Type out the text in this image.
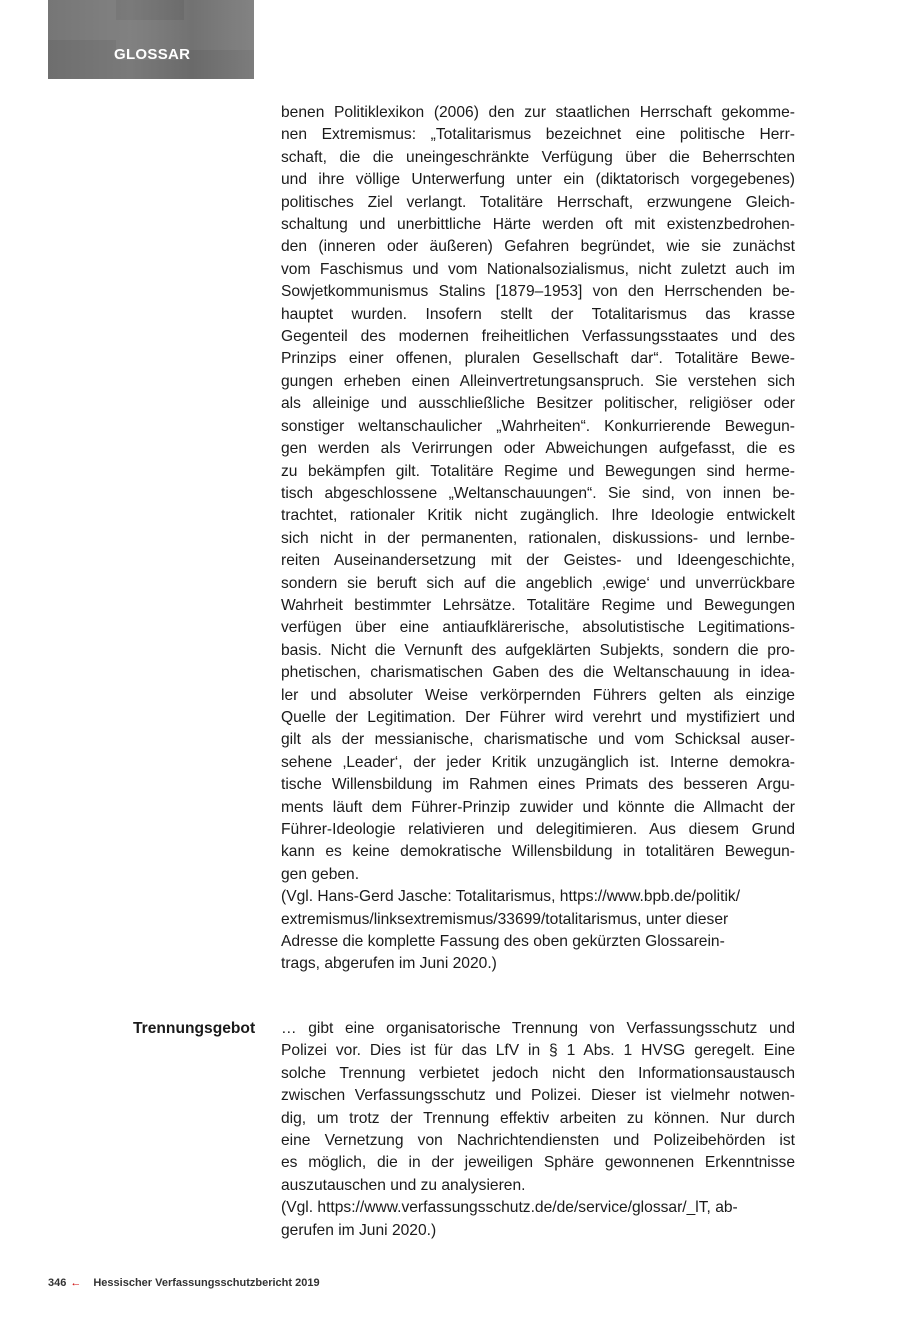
GLOSSAR
benen Politiklexikon (2006) den zur staatlichen Herrschaft gekomme-
nen Extremismus: „Totalitarismus bezeichnet eine politische Herr-
schaft, die die uneingeschränkte Verfügung über die Beherrschten
und ihre völlige Unterwerfung unter ein (diktatorisch vorgegebenes)
politisches Ziel verlangt. Totalitäre Herrschaft, erzwungene Gleich-
schaltung und unerbittliche Härte werden oft mit existenzbedrohen-
den (inneren oder äußeren) Gefahren begründet, wie sie zunächst
vom Faschismus und vom Nationalsozialismus, nicht zuletzt auch im
Sowjetkommunismus Stalins [1879–1953] von den Herrschenden be-
hauptet wurden. Insofern stellt der Totalitarismus das krasse
Gegenteil des modernen freiheitlichen Verfassungsstaates und des
Prinzips einer offenen, pluralen Gesellschaft dar“. Totalitäre Bewe-
gungen erheben einen Alleinvertretungsanspruch. Sie verstehen sich
als alleinige und ausschließliche Besitzer politischer, religiöser oder
sonstiger weltanschaulicher „Wahrheiten“. Konkurrierende Bewegun-
gen werden als Verirrungen oder Abweichungen aufgefasst, die es
zu bekämpfen gilt. Totalitäre Regime und Bewegungen sind herme-
tisch abgeschlossene „Weltanschauungen“. Sie sind, von innen be-
trachtet, rationaler Kritik nicht zugänglich. Ihre Ideologie entwickelt
sich nicht in der permanenten, rationalen, diskussions- und lernbe-
reiten Auseinandersetzung mit der Geistes- und Ideengeschichte,
sondern sie beruft sich auf die angeblich ‚ewige‘ und unverrückbare
Wahrheit bestimmter Lehrsätze. Totalitäre Regime und Bewegungen
verfügen über eine antiaufklärerische, absolutistische Legitimations-
basis. Nicht die Vernunft des aufgeklärten Subjekts, sondern die pro-
phetischen, charismatischen Gaben des die Weltanschauung in idea-
ler und absoluter Weise verkörpernden Führers gelten als einzige
Quelle der Legitimation. Der Führer wird verehrt und mystifiziert und
gilt als der messianische, charismatische und vom Schicksal auser-
sehene ‚Leader‘, der jeder Kritik unzugänglich ist. Interne demokra-
tische Willensbildung im Rahmen eines Primats des besseren Argu-
ments läuft dem Führer-Prinzip zuwider und könnte die Allmacht der
Führer-Ideologie relativieren und delegitimieren. Aus diesem Grund
kann es keine demokratische Willensbildung in totalitären Bewegun-
gen geben.
(Vgl. Hans-Gerd Jasche: Totalitarismus, https://www.bpb.de/politik/
extremismus/linksextremismus/33699/totalitarismus, unter dieser
Adresse die komplette Fassung des oben gekürzten Glossarein-
trags, abgerufen im Juni 2020.)
Trennungsgebot … gibt eine organisatorische Trennung von Verfassungsschutz und
Polizei vor. Dies ist für das LfV in § 1 Abs. 1 HVSG geregelt. Eine
solche Trennung verbietet jedoch nicht den Informationsaustausch
zwischen Verfassungsschutz und Polizei. Dieser ist vielmehr notwen-
dig, um trotz der Trennung effektiv arbeiten zu können. Nur durch
eine Vernetzung von Nachrichtendiensten und Polizeibehörden ist
es möglich, die in der jeweiligen Sphäre gewonnenen Erkenntnisse
auszutauschen und zu analysieren.
(Vgl. https://www.verfassungsschutz.de/de/service/glossar/_lT, ab-
gerufen im Juni 2020.)
346 ← Hessischer Verfassungsschutzbericht 2019
